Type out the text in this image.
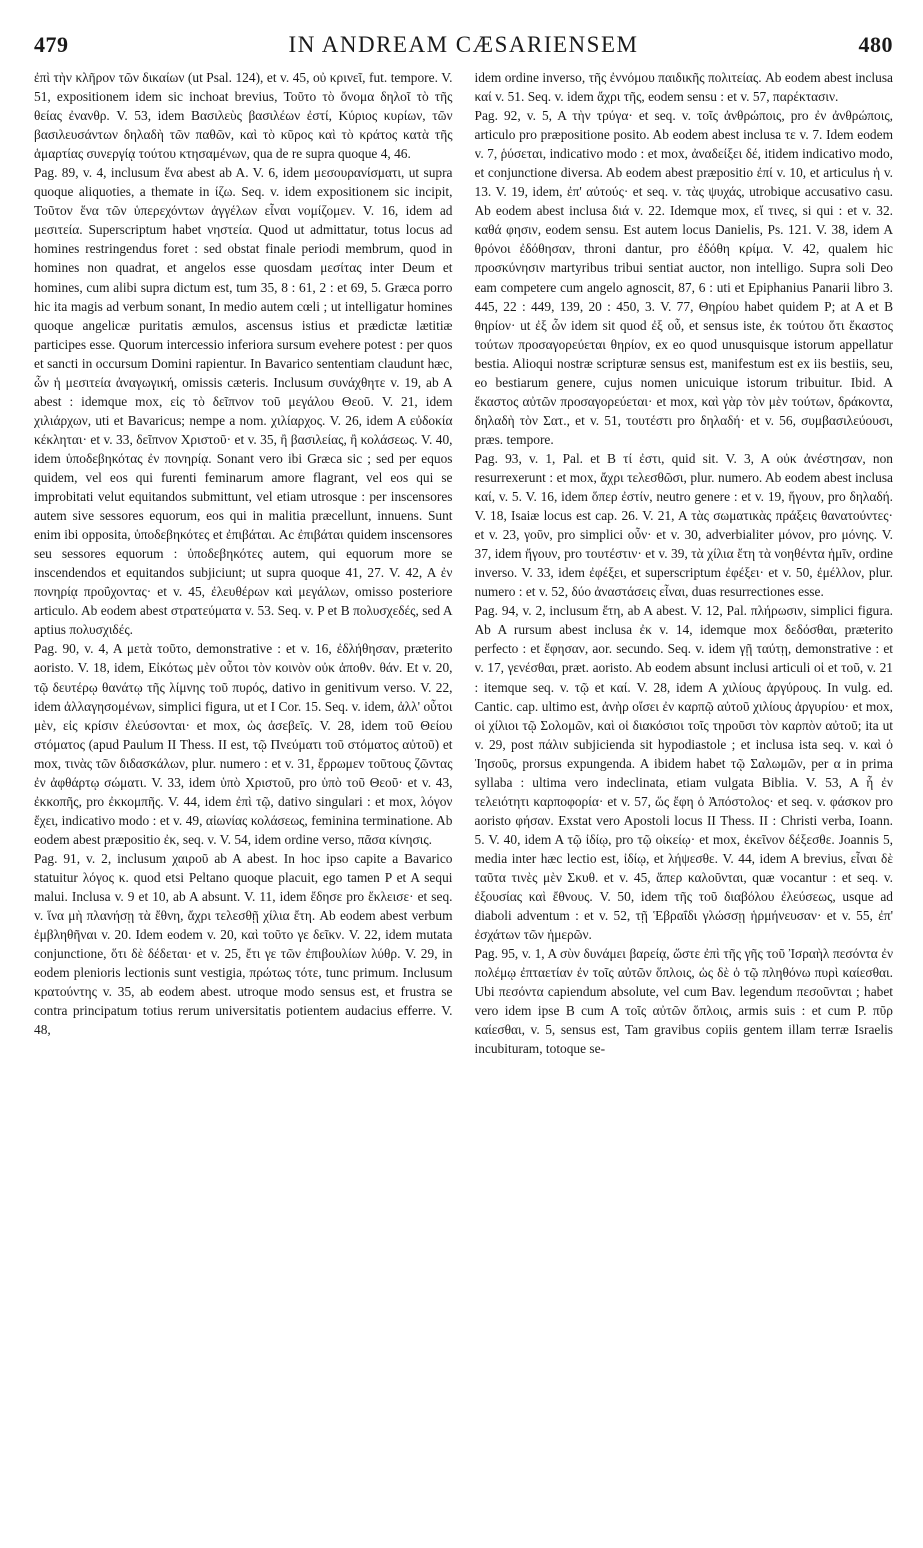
479	IN ANDREAM CÆSARIENSEM	480

ἐπὶ τὴν κλῆρον τῶν δικαίων (ut Psal. 124), et v. 45, οὐ κρινεῖ, fut. tempore. V. 51, expositionem idem sic inchoat brevius, Τοῦτο τὸ ὄνομα δηλοῖ τὸ τῆς θείας ἐνανθρ. V. 53, idem Βασιλεὺς βασιλέων ἐστί, Κύριος κυρίων, τῶν βασιλευσάντων δηλαδὴ τῶν παθῶν, καὶ τὸ κῦρος καὶ τὸ κράτος κατὰ τῆς ἁμαρτίας συνεργίᾳ τούτου κτησαμένων, qua de re supra quoque 4, 46.

Pag. 89, v. 4, inclusum ἕνα abest ab A. V. 6, idem μεσουρανίσματι, ut supra quoque aliquoties, a themate in ίζω. Seq. v. idem expositionem sic incipit, Τοῦτον ἕνα τῶν ὑπερεχόντων ἀγγέλων εἶναι νομίζομεν. V. 16, idem ad μεσιτεία. Superscriptum habet νηστεία. Quod ut admittatur, totus locus ad homines restringendus foret : sed obstat finale periodi membrum, quod in homines non quadrat, et angelos esse quosdam μεσίτας inter Deum et homines, cum alibi supra dictum est, tum 35, 8 : 61, 2 : et 69, 5. Græca porro hic ita magis ad verbum sonant, In medio autem cœli ; ut intelligatur homines quoque angelicæ puritatis æmulos, ascensus istius et prædictæ lætitiæ participes esse. Quorum intercessio inferiora sursum evehere potest : per quos et sancti in occursum Domini rapientur. In Bavarico sententiam claudunt hæc, ὧν ἡ μεσιτεία ἀναγωγική, omissis cæteris. Inclusum συνάχθητε v. 19, ab A abest : idemque mox, εἰς τὸ δεῖπνον τοῦ μεγάλου Θεοῦ. V. 21, idem χιλιάρχων, uti et Bavaricus; nempe a nom. χιλίαρχος. V. 26, idem A εὐδοκία κέκληται· et v. 33, δεῖπνον Χριστοῦ· et v. 35, ἢ βασιλείας, ἢ κολάσεως. V. 40, idem ὑποδεβηκότας ἐν πονηρίᾳ. Sonant vero ibi Græca sic ; sed per equos quidem, vel eos qui furenti feminarum amore flagrant, vel eos qui se improbitati velut equitandos submittunt, vel etiam utrosque : per inscensores autem sive sessores equorum, eos qui in malitia præcellunt, innuens. Sunt enim ibi opposita, ὑποδεβηκότες et ἐπιβάται. Ac ἐπιβάται quidem inscensores seu sessores equorum : ὑποδεβηκότες autem, qui equorum more se inscendendos et equitandos subjiciunt; ut supra quoque 41, 27. V. 42, A ἐν πονηρίᾳ προΰχοντας· et v. 45, ἐλευθέρων καὶ μεγάλων, omisso posteriore articulo. Ab eodem abest στρατεύματα v. 53. Seq. v. P et B πολυσχεδές, sed A aptius πολυσχιδές.

Pag. 90, v. 4, A μετὰ τοῦτο, demonstrative : et v. 16, ἐδλήθησαν, præterito aoristo. V. 18, idem, Εἰκότως μὲν οὗτοι τὸν κοινὸν οὐκ ἀποθν. θάν. Et v. 20, τῷ δευτέρῳ θανάτῳ τῆς λίμνης τοῦ πυρός, dativo in genitivum verso. V. 22, idem ἀλλαγησομένων, simplici figura, ut et I Cor. 15. Seq. v. idem, ἀλλ' οὗτοι μὲν, εἰς κρίσιν ἐλεύσονται· et mox, ὡς ἀσεβεῖς. V. 28, idem τοῦ Θείου στόματος (apud Paulum II Thess. II est, τῷ Πνεύματι τοῦ στόματος αὐτοῦ) et mox, τινὰς τῶν διδασκάλων, plur. numero : et v. 31, ἔρρωμεν τοῦτους ζῶντας ἐν ἀφθάρτῳ σώματι. V. 33, idem ὑπὸ Χριστοῦ, pro ὑπὸ τοῦ Θεοῦ· et v. 43, ἐκκοπῆς, pro ἐκκομπῆς. V. 44, idem ἐπὶ τῷ, dativo singulari : et mox, λόγον ἔχει, indicativo modo : et v. 49, αἰωνίας κολάσεως, feminina terminatione. Ab eodem abest præpositio ἐκ, seq. v. V. 54, idem ordine verso, πᾶσα κίνησις.

Pag. 91, v. 2, inclusum χαιροῦ ab A abest. In hoc ipso capite a Bavarico statuitur λόγος κ. quod etsi Peltano quoque placuit, ego tamen P et A sequi malui. Inclusa v. 9 et 10, ab A absunt. V. 11, idem ἔδησε pro ἔκλεισε· et seq. v. ἵνα μὴ πλανήσῃ τὰ ἔθνη, ἄχρι τελεσθῇ χίλια ἔτη. Ab eodem abest verbum ἐμβληθῆναι v. 20. Idem eodem v. 20, καὶ τοῦτο γε δεῖκν. V. 22, idem mutata conjunctione, ὅτι δὲ δέδεται· et v. 25, ἔτι γε τῶν ἐπιβουλίων λύθρ. V. 29, in eodem plenioris lectionis sunt vestigia, πρώτως τότε, tunc primum. Inclusum κρατούντης v. 35, ab eodem abest. utroque modo sensus est, et frustra se contra principatum totius rerum universitatis potientem audacius efferre. V. 48,

idem ordine inverso, τῆς ἐννόμου παιδικῆς πολιτείας. Ab eodem abest inclusa καί v. 51. Seq. v. idem ἄχρι τῆς, eodem sensu : et v. 57, παρέκτασιν.

Pag. 92, v. 5, A τὴν τρύγα· et seq. v. τοῖς ἀνθρώποις, pro ἐν ἀνθρώποις, articulo pro præpositione posito. Ab eodem abest inclusa τε v. 7. Idem eodem v. 7, ῥύσεται, indicativo modo : et mox, ἀναδείξει δέ, itidem indicativo modo, et conjunctione diversa. Ab eodem abest præpositio ἐπί v. 10, et articulus ἡ v. 13. V. 19, idem, ἐπ' αὐτούς· et seq. v. τὰς ψυχάς, utrobique accusativo casu. Ab eodem abest inclusa διά v. 22. Idemque mox, εἴ τινες, si qui : et v. 32. καθά φησιν, eodem sensu. Est autem locus Danielis, Ps. 121. V. 38, idem A θρόνοι ἐδόθησαν, throni dantur, pro ἐδόθη κρίμα. V. 42, qualem hic προσκύνησιν martyribus tribui sentiat auctor, non intelligo. Supra soli Deo eam competere cum angelo agnoscit, 87, 6 : uti et Epiphanius Panarii libro 3. 445, 22 : 449, 139, 20 : 450, 3. V. 77, Θηρίου habet quidem P; at A et B θηρίον· ut ἐξ ὧν idem sit quod ἐξ οὗ, et sensus iste, ἐκ τούτου ὅτι ἕκαστος τούτων προσαγορεύεται θηρίον, ex eo quod unusquisque istorum appellatur bestia. Alioqui nostræ scripturæ sensus est, manifestum est ex iis bestiis, seu, eo bestiarum genere, cujus nomen unicuique istorum tribuitur. Ibid. A ἕκαστος αὐτῶν προσαγορεύεται· et mox, καὶ γὰρ τὸν μὲν τούτων, δράκοντα, δηλαδὴ τὸν Σατ., et v. 51, τουτέστι pro δηλαδή· et v. 56, συμβασιλεύουσι, præs. tempore.

Pag. 93, v. 1, Pal. et B τί ἐστι, quid sit. V. 3, A οὐκ ἀνέστησαν, non resurrexerunt : et mox, ἄχρι τελεσθῶσι, plur. numero. Ab eodem abest inclusa καί, v. 5. V. 16, idem ὅπερ ἐστίν, neutro genere : et v. 19, ἥγουν, pro δηλαδή. V. 18, Isaiæ locus est cap. 26. V. 21, A τὰς σωματικὰς πράξεις θανατούντες· et v. 23, γοῦν, pro simplici οὖν· et v. 30, adverbialiter μόνον, pro μόνης. V. 37, idem ἤγουν, pro τουτέστιν· et v. 39, τὰ χίλια ἔτη τὰ νοηθέντα ἡμῖν, ordine inverso. V. 33, idem ἐφέξει, et superscriptum ἐφέξει· et v. 50, ἐμέλλον, plur. numero : et v. 52, δύο ἀναστάσεις εἶναι, duas resurrectiones esse.

Pag. 94, v. 2, inclusum ἔτη, ab A abest. V. 12, Pal. πλήρωσιν, simplici figura. Ab A rursum abest inclusa ἐκ v. 14, idemque mox δεδόσθαι, præterito perfecto : et ἔφησαν, aor. secundo. Seq. v. idem γῇ ταύτῃ, demonstrative : et v. 17, γενέσθαι, præt. aoristo. Ab eodem absunt inclusi articuli οἱ et τοῦ, v. 21 : itemque seq. v. τῷ et καί. V. 28, idem A χιλίους ἀργύρους. In vulg. ed. Cantic. cap. ultimo est, ἀνὴρ οἴσει ἐν καρπῷ αὐτοῦ χιλίους ἀργυρίου· et mox, οἱ χίλιοι τῷ Σολομῶν, καὶ οἱ διακόσιοι τοῖς τηροῦσι τὸν καρπὸν αὐτοῦ; ita ut v. 29, post πάλιν subjicienda sit hypodiastole ; et inclusa ista seq. v. καὶ ὁ Ἰησοῦς, prorsus expungenda. A ibidem habet τῷ Σαλωμῶν, per α in prima syllaba : ultima vero indeclinata, etiam vulgata Biblia. V. 53, A ἧ ἐν τελειότητι καρποφορία· et v. 57, ὥς ἔφη ὁ Ἀπόστολος· et seq. v. φάσκον pro aoristo φήσαν. Exstat vero Apostoli locus II Thess. II : Christi verba, Ioann. 5. V. 40, idem A τῷ ἰδίῳ, pro τῷ οἰκείῳ· et mox, ἐκεῖνον δέξεσθε. Joannis 5, media inter hæc lectio est, ἰδίῳ, et λήψεσθε. V. 44, idem A brevius, εἶναι δὲ ταῦτα τινὲς μὲν Σκυθ. et v. 45, ἅπερ καλοῦνται, quæ vocantur : et seq. v. ἐξουσίας καὶ ἔθνους. V. 50, idem τῆς τοῦ διαβόλου ἐλεύσεως, usque ad diaboli adventum : et v. 52, τῇ Ἑβραΐδι γλώσσῃ ἡρμήνευσαν· et v. 55, ἐπ' ἐσχάτων τῶν ἡμερῶν.

Pag. 95, v. 1, A σὺν δυνάμει βαρείᾳ, ὥστε ἐπὶ τῆς γῆς τοῦ Ἰσραὴλ πεσόντα ἐν πολέμῳ ἐπταετίαν ἐν τοῖς αὐτῶν ὅπλοις, ὡς δὲ ὁ τῷ πληθόνω πυρὶ καίεσθαι. Ubi πεσόντα capiendum absolute, vel cum Bav. legendum πεσοῦνται ; habet vero idem ipse B cum A τοῖς αὐτῶν ὅπλοις, armis suis : et cum P. πῦρ καίεσθαι, v. 5, sensus est, Tam gravibus copiis gentem illam terræ Israelis incubituram, totoque se-
